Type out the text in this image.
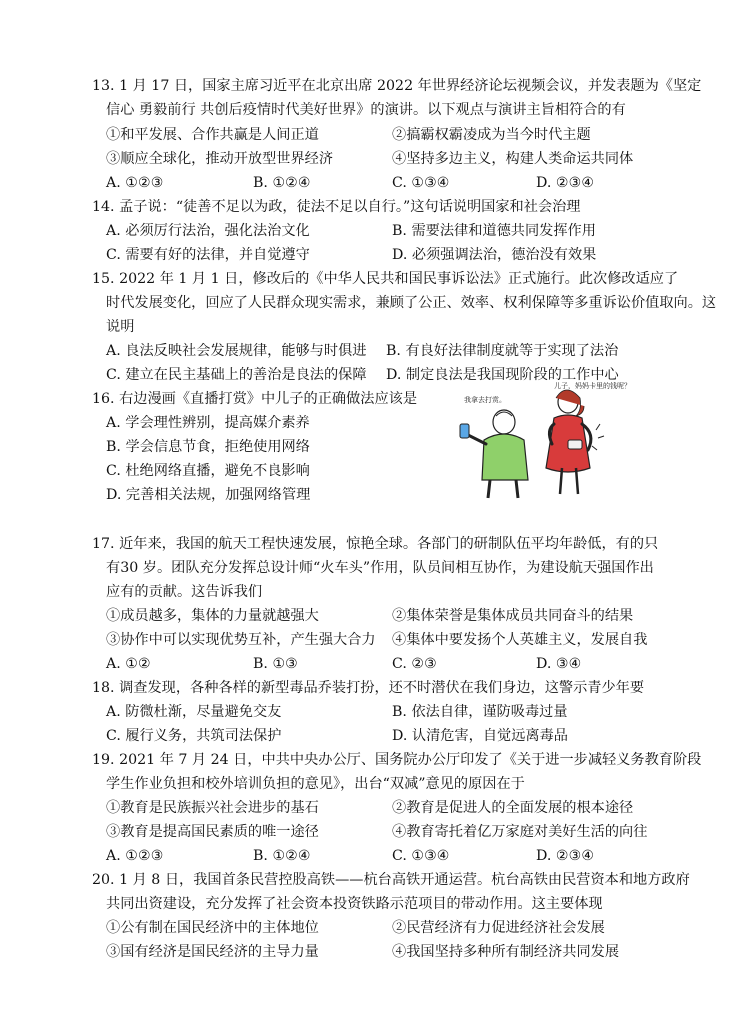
13. 1 月 17 日，国家主席习近平在北京出席 2022 年世界经济论坛视频会议，并发表题为《坚定
信心 勇毅前行 共创后疫情时代美好世界》的演讲。以下观点与演讲主旨相符合的有
①和平发展、合作共赢是人间正道	②搞霸权霸凌成为当今时代主题
③顺应全球化，推动开放型世界经济	④坚持多边主义，构建人类命运共同体
A. ①②③	B. ①②④	C. ①③④	D. ②③④
14. 孟子说：“徒善不足以为政，徒法不足以自行。”这句话说明国家和社会治理
A. 必须厉行法治，强化法治文化	B. 需要法律和道德共同发挥作用
C. 需要有好的法律，并自觉遵守	D. 必须强调法治，德治没有效果
15. 2022 年 1 月 1 日，修改后的《中华人民共和国民事诉讼法》正式施行。此次修改适应了
时代发展变化，回应了人民群众现实需求，兼顾了公正、效率、权利保障等多重诉讼价值取向。这
说明
A. 良法反映社会发展规律，能够与时俱进 B. 有良好法律制度就等于实现了法治
C. 建立在民主基础上的善治是良法的保障 D. 制定良法是我国现阶段的工作中心
16. 右边漫画《直播打赏》中儿子的正确做法应该是
A. 学会理性辨别，提高媒介素养
B. 学会信息节食，拒绝使用网络
C. 杜绝网络直播，避免不良影响
D. 完善相关法规，加强网络管理
我拿去打赏。
儿子，妈妈卡里的钱呢？
17. 近年来，我国的航天工程快速发展，惊艳全球。各部门的研制队伍平均年龄低，有的只
有30 岁。团队充分发挥总设计师“火车头”作用，队员间相互协作，为建设航天强国作出
应有的贡献。这告诉我们
①成员越多，集体的力量就越强大	②集体荣誉是集体成员共同奋斗的结果
③协作中可以实现优势互补，产生强大合力 ④集体中要发扬个人英雄主义，发展自我
A. ①②	B. ①③	C. ②③	D. ③④
18. 调查发现，各种各样的新型毒品乔装打扮，还不时潜伏在我们身边，这警示青少年要
A. 防微杜渐，尽量避免交友	B. 依法自律，谨防吸毒过量
C. 履行义务，共筑司法保护	D. 认清危害，自觉远离毒品
19. 2021 年 7 月 24 日，中共中央办公厅、国务院办公厅印发了《关于进一步减轻义务教育阶段
学生作业负担和校外培训负担的意见》，出台“双减”意见的原因在于
①教育是民族振兴社会进步的基石	②教育是促进人的全面发展的根本途径
③教育是提高国民素质的唯一途径	④教育寄托着亿万家庭对美好生活的向往
A. ①②③	B. ①②④	C. ①③④	D. ②③④
20. 1 月 8 日，我国首条民营控股高铁——杭台高铁开通运营。杭台高铁由民营资本和地方政府
共同出资建设，充分发挥了社会资本投资铁路示范项目的带动作用。这主要体现
①公有制在国民经济中的主体地位	②民营经济有力促进经济社会发展
③国有经济是国民经济的主导力量	④我国坚持多种所有制经济共同发展
